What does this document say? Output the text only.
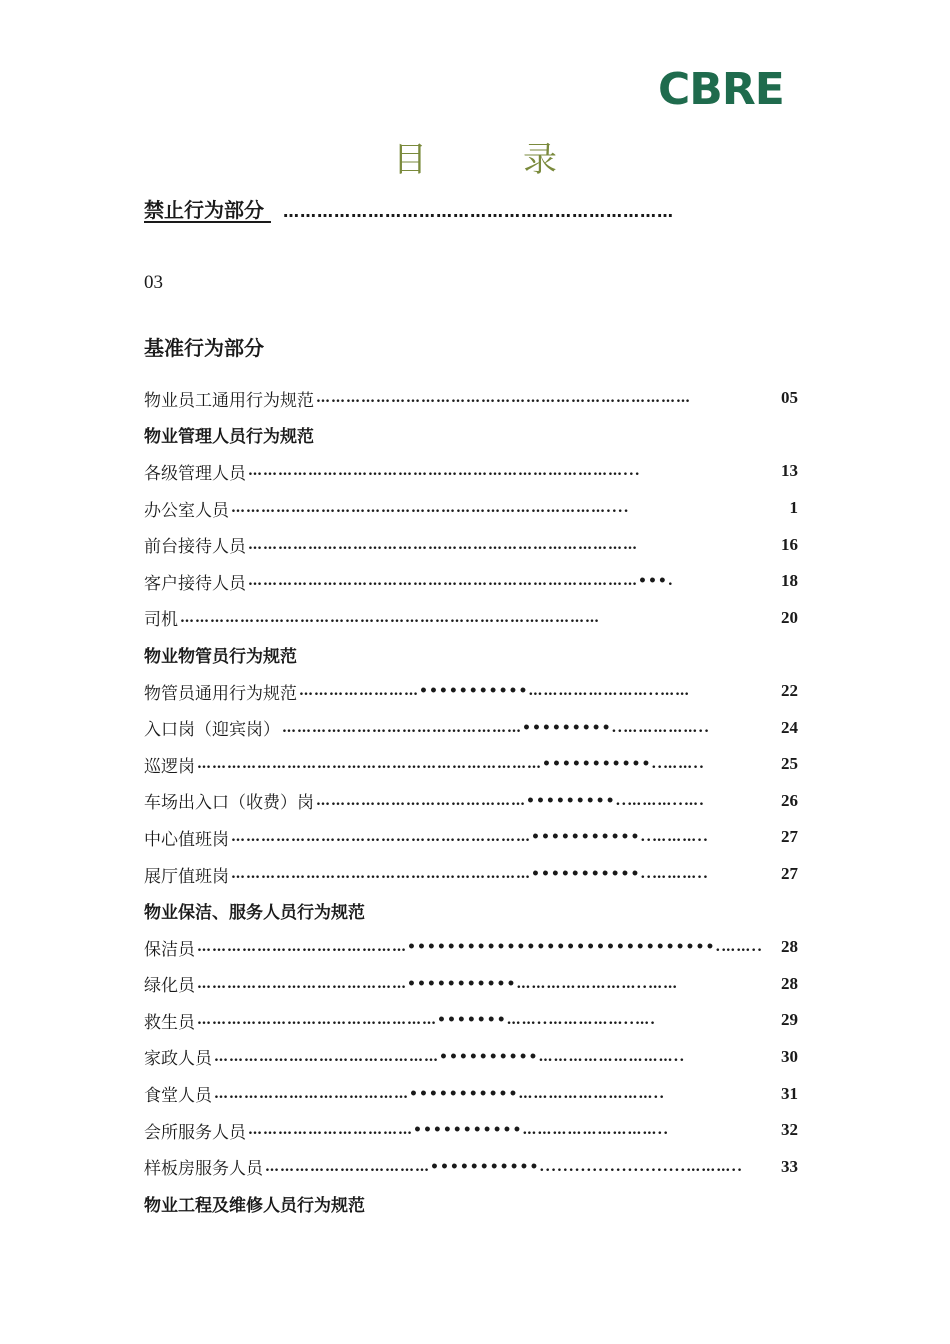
CBRE
目	录
禁止行为部分 ……………………………………………………………
03
基准行为部分
物业员工通用行为规范 …………………………………………………………………	05
物业管理人员行为规范
各级管理人员 …………………………………………………………………...	13
办公室人员 …………………………………………………………………....	1
前台接待人员 ……………………………………………………………………	16
客户接待人员 ……………………………………………………………………•••.	18
司机 …………………………………………………………………………	20
物业物管员行为规范
物管员通用行为规范 ……………………•••••••••••……………………..……	22
入口岗（迎宾岗） …………………………………………•••••••••..……………..	24
巡逻岗 ……………………………………………………………•••••••••••..……..	25
车场出入口（收费）岗 ……………………………………•••••••••..………..….	26
中心值班岗 ……………………………………………………•••••••••••..………..	27
展厅值班岗 ……………………………………………………•••••••••••..………..	27
物业保洁、服务人员行为规范
保洁员 ……………………………………•••••••••••••••••••••••••••••••.……..	28
绿化员 ……………………………………•••••••••••……………………..……	28
救生员 …………………………………………•••••••……..……………..….	29
家政人员 ………………………………………••••••••••………………………..	30
食堂人员 …………………………………•••••••••••………………………..	31
会所服务人员 ……………………………•••••••••••………………………..	32
样板房服务人员 ……………………………•••••••••••.........................………..	33
物业工程及维修人员行为规范
